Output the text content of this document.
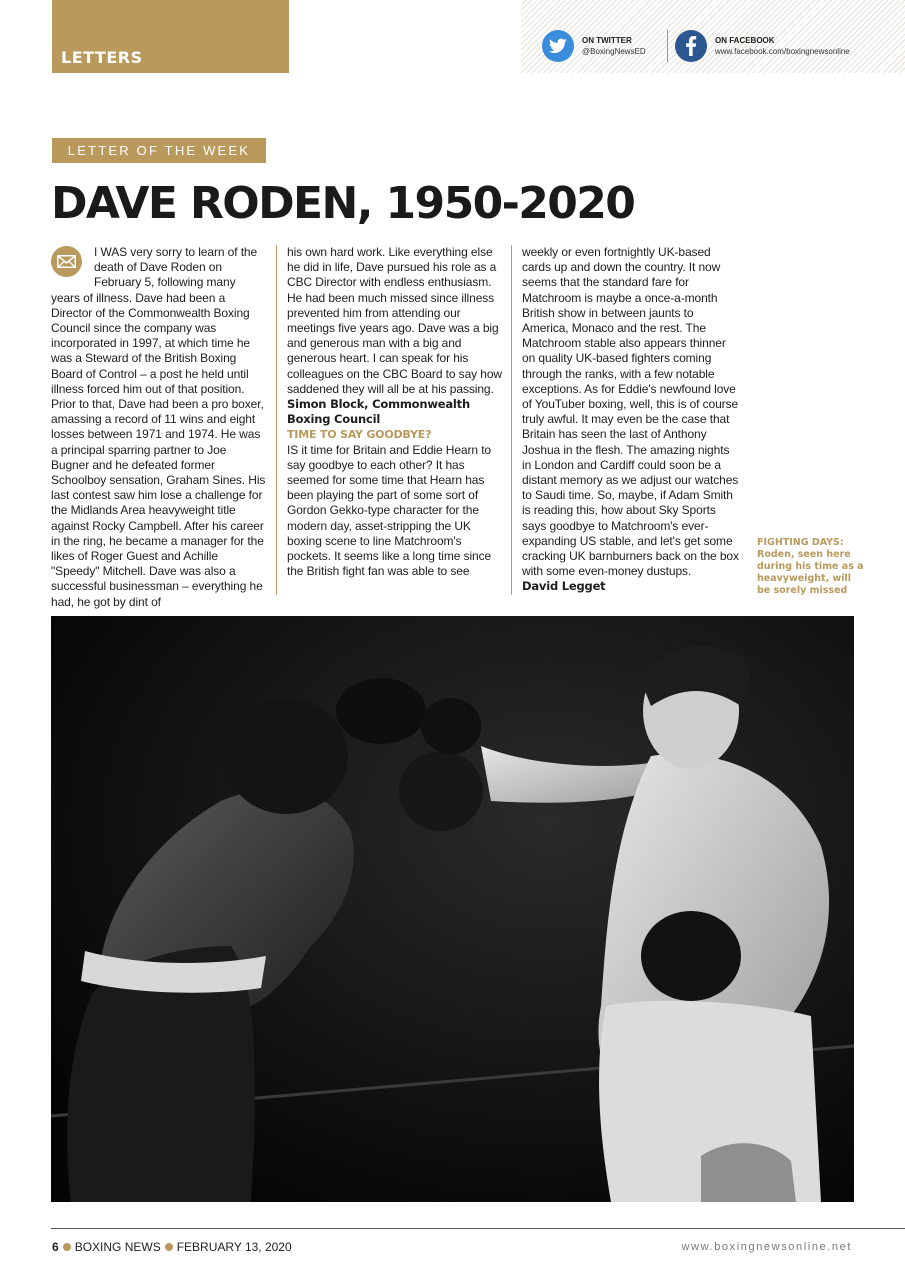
LETTERS
ON TWITTER
@BoxingNewsED
ON FACEBOOK
www.facebook.com/boxingnewsonline
LETTER OF THE WEEK
DAVE RODEN, 1950-2020

I WAS very sorry to learn of the death of Dave Roden on February 5, following many years of illness. Dave had been a Director of the Commonwealth Boxing Council since the company was incorporated in 1997, at which time he was a Steward of the British Boxing Board of Control – a post he held until illness forced him out of that position. Prior to that, Dave had been a pro boxer, amassing a record of 11 wins and eight losses between 1971 and 1974. He was a principal sparring partner to Joe Bugner and he defeated former Schoolboy sensation, Graham Sines. His last contest saw him lose a challenge for the Midlands Area heavyweight title against Rocky Campbell. After his career in the ring, he became a manager for the likes of Roger Guest and Achille "Speedy" Mitchell. Dave was also a successful businessman – everything he had, he got by dint of

his own hard work. Like everything else he did in life, Dave pursued his role as a CBC Director with endless enthusiasm. He had been much missed since illness prevented him from attending our meetings five years ago. Dave was a big and generous man with a big and generous heart. I can speak for his colleagues on the CBC Board to say how saddened they will all be at his passing.

Simon Block, Commonwealth Boxing Council

TIME TO SAY GOODBYE?

IS it time for Britain and Eddie Hearn to say goodbye to each other? It has seemed for some time that Hearn has been playing the part of some sort of Gordon Gekko-type character for the modern day, asset-stripping the UK boxing scene to line Matchroom's pockets. It seems like a long time since the British fight fan was able to see

weekly or even fortnightly UK-based cards up and down the country. It now seems that the standard fare for Matchroom is maybe a once-a-month British show in between jaunts to America, Monaco and the rest. The Matchroom stable also appears thinner on quality UK-based fighters coming through the ranks, with a few notable exceptions. As for Eddie's newfound love of YouTuber boxing, well, this is of course truly awful. It may even be the case that Britain has seen the last of Anthony Joshua in the flesh. The amazing nights in London and Cardiff could soon be a distant memory as we adjust our watches to Saudi time. So, maybe, if Adam Smith is reading this, how about Sky Sports says goodbye to Matchroom's ever-expanding US stable, and let's get some cracking UK barnburners back on the box with some even-money dustups.

David Legget

FIGHTING DAYS: Roden, seen here during his time as a heavyweight, will be sorely missed
6 BOXING NEWS FEBRUARY 13, 2020	www.boxingnewsonline.net
